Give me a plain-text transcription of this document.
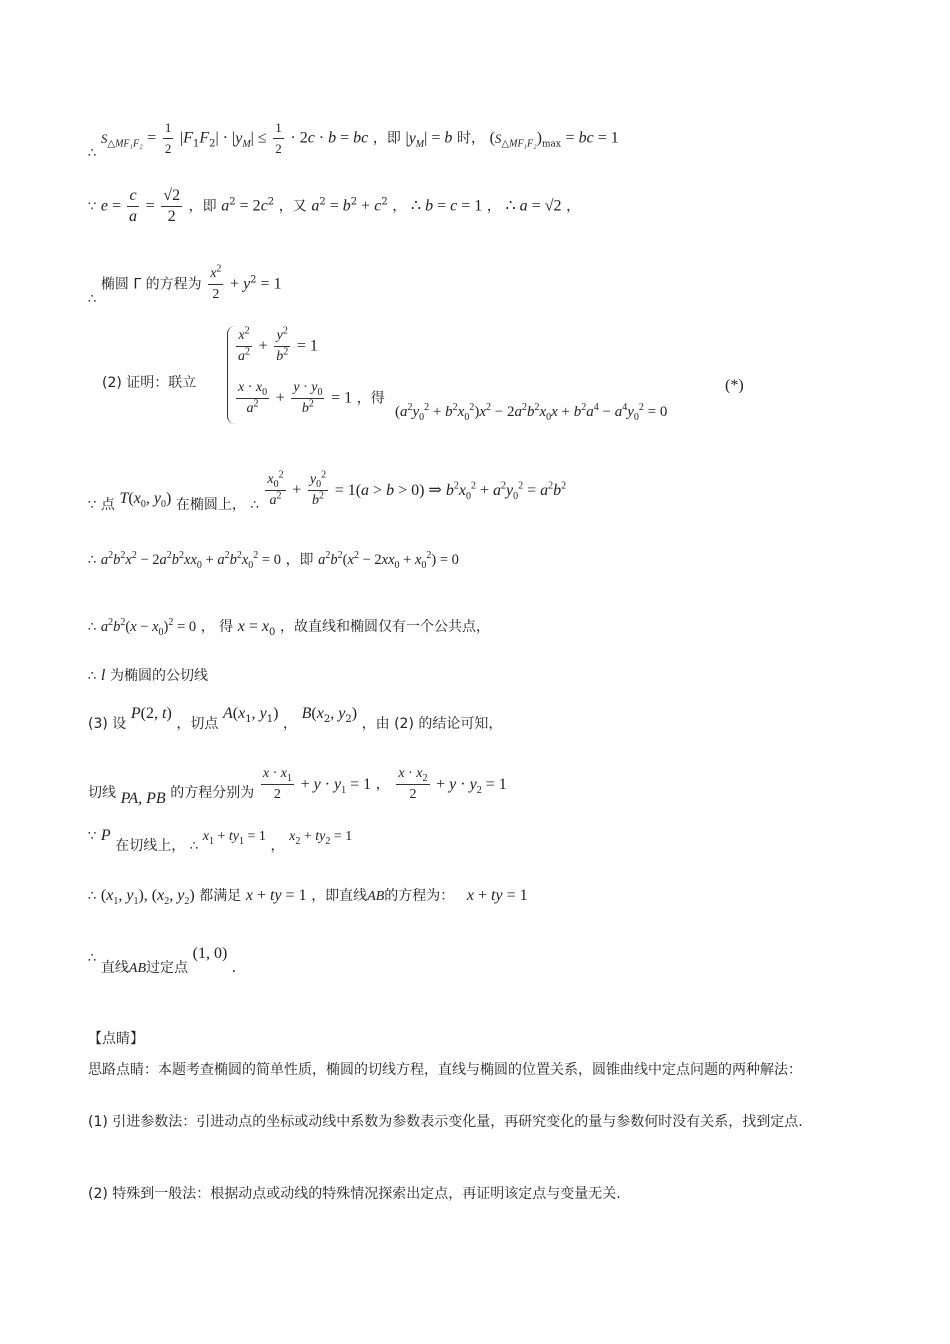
∴ $S_{\triangle MF_1F_2} = \frac{1}{2} |F_1F_2| \cdot |y_M| \le \frac{1}{2} \cdot 2c \cdot b$ = bc ，即 $|y_M| = b$ 时， $(S_{\triangle MF_1F_2})_{max}$ = bc = 1
∵ $e = \frac{c}{a} = \frac{√2}{2}$ ，即 $a^2 = 2c^2$ ，又 $a^2 = b^2 + c^2$ ， ∴ b = c = 1 ， ∴ a = √2 ，
∴ 椭圆 Γ 的方程为 $\frac{x^2}{2} + y^2 = 1$
(2) 证明：联立
$\frac{x^2}{a^2} + \frac{y^2}{b^2} = 1$
$\frac{x \cdot x_0}{a^2} + \frac{y \cdot y_0}{b^2} = 1$ ，得
(*)
$(a^2y_0^2 + b^2x_0^2)x^2 - 2a^2b^2x_0x + b^2a^4 - a^4y_0^2 = 0$
∵ 点 $T(x_0$, $y_0$) 在椭圆上， ∴ $\frac{x_0^2}{a^2} + \frac{y_0^2}{b^2} = 1(a > b > 0)$ ⇒ $b^2x_0^2 + a^2y_0^2 = a^2b^2$
∴ $a^2b^2x^2 - 2a^2b^2xx_0 + a^2b^2x_0^2 = 0$ ，即 $a^2b^2(x^2 - 2xx_0 + x_0^2) = 0$
∴ $a^2b^2(x - x_0)^2 = 0$ ， 得 $x = x_0$ ，故直线和椭圆仅有一个公共点，
∴ l 为椭圆的公切线
(3) 设 P(2, t) ，切点 $A(x_1$, $y_1$) ， $B(x_2$, $y_2$) ，由 (2) 的结论可知，
切线 PA, PB 的方程分别为 $\frac{x \cdot x_1}{2} + y \cdot y_1 = 1$ ， $\frac{x \cdot x_2}{2} + y \cdot y_2 = 1$
∵ P 在切线上， ∴ $x_1 + ty_1 = 1$ ， $x_2 + ty_2 = 1$
∴ ($x_1$, $y_1$), ($x_2$, $y_2$) 都满足 x + ty = 1 ，即直线AB的方程为： x + ty = 1
∴ 直线AB过定点 (1, 0) .
【点睛】
思路点睛：本题考查椭圆的简单性质，椭圆的切线方程，直线与椭圆的位置关系，圆锥曲线中定点问题的两种解法：
(1) 引进参数法：引进动点的坐标或动线中系数为参数表示变化量，再研究变化的量与参数何时没有关系，找到定点.
(2) 特殊到一般法：根据动点或动线的特殊情况探索出定点，再证明该定点与变量无关.
